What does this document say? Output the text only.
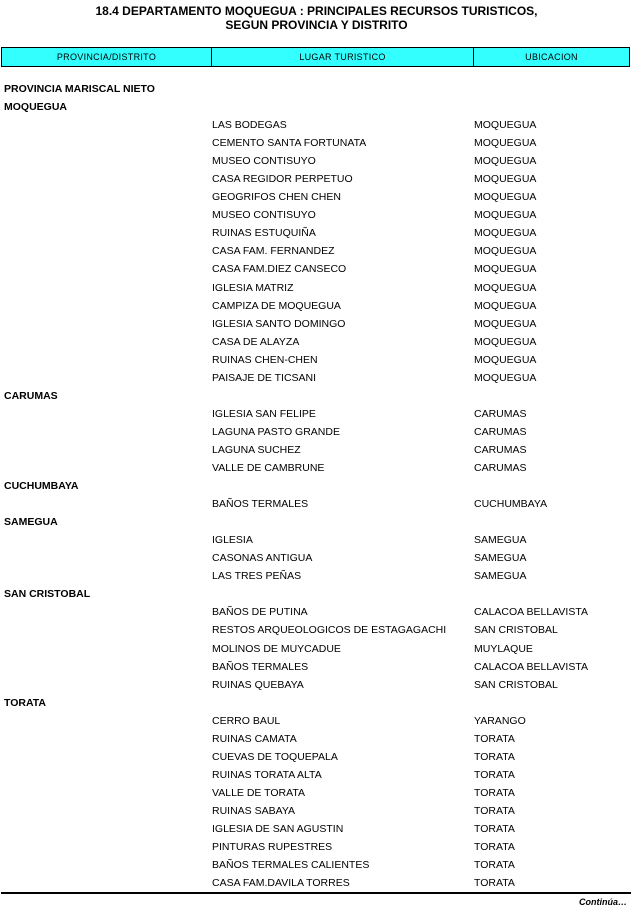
18.4 DEPARTAMENTO MOQUEGUA : PRINCIPALES RECURSOS TURISTICOS,
SEGUN PROVINCIA Y DISTRITO
PROVINCIA/DISTRITO	LUGAR TURISTICO	UBICACION
PROVINCIA MARISCAL NIETO
MOQUEGUA
LAS BODEGAS	MOQUEGUA
CEMENTO SANTA FORTUNATA	MOQUEGUA
MUSEO CONTISUYO	MOQUEGUA
CASA REGIDOR PERPETUO	MOQUEGUA
GEOGRIFOS CHEN CHEN	MOQUEGUA
MUSEO CONTISUYO	MOQUEGUA
RUINAS ESTUQUIÑA	MOQUEGUA
CASA FAM. FERNANDEZ	MOQUEGUA
CASA FAM.DIEZ CANSECO	MOQUEGUA
IGLESIA MATRIZ	MOQUEGUA
CAMPIZA DE MOQUEGUA	MOQUEGUA
IGLESIA SANTO DOMINGO	MOQUEGUA
CASA DE ALAYZA	MOQUEGUA
RUINAS CHEN-CHEN	MOQUEGUA
PAISAJE DE TICSANI	MOQUEGUA
CARUMAS
IGLESIA SAN FELIPE	CARUMAS
LAGUNA PASTO GRANDE	CARUMAS
LAGUNA SUCHEZ	CARUMAS
VALLE DE CAMBRUNE	CARUMAS
CUCHUMBAYA
BAÑOS TERMALES	CUCHUMBAYA
SAMEGUA
IGLESIA	SAMEGUA
CASONAS ANTIGUA	SAMEGUA
LAS TRES PEÑAS	SAMEGUA
SAN CRISTOBAL
BAÑOS DE PUTINA	CALACOA BELLAVISTA
RESTOS ARQUEOLOGICOS DE ESTAGAGACHI	SAN CRISTOBAL
MOLINOS DE MUYCADUE	MUYLAQUE
BAÑOS TERMALES	CALACOA BELLAVISTA
RUINAS QUEBAYA	SAN CRISTOBAL
TORATA
CERRO BAUL	YARANGO
RUINAS CAMATA	TORATA
CUEVAS DE TOQUEPALA	TORATA
RUINAS TORATA ALTA	TORATA
VALLE DE TORATA	TORATA
RUINAS SABAYA	TORATA
IGLESIA DE SAN AGUSTIN	TORATA
PINTURAS RUPESTRES	TORATA
BAÑOS TERMALES CALIENTES	TORATA
CASA FAM.DAVILA TORRES	TORATA
Continúa…
